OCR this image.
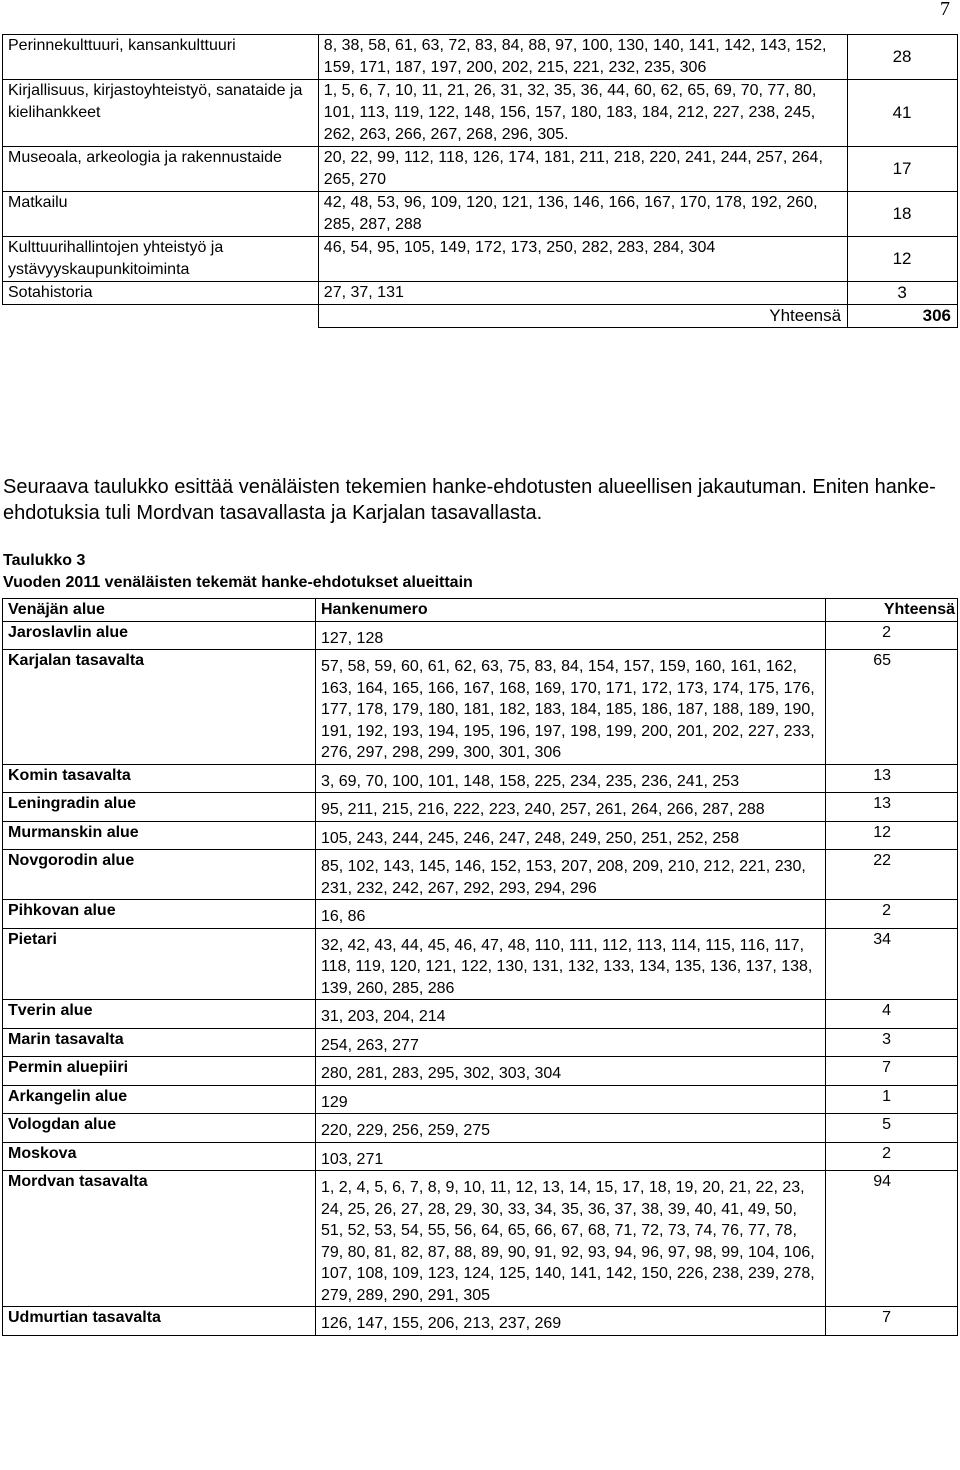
7
Perinnekulttuuri, kansankulttuuri	8, 38, 58, 61, 63, 72, 83, 84, 88, 97, 100, 130, 140, 141, 142, 143, 152, 159, 171, 187, 197, 200, 202, 215, 221, 232, 235, 306	28
Kirjallisuus, kirjastoyhteistyö, sanataide ja kielihankkeet	1, 5, 6, 7, 10, 11, 21, 26, 31, 32, 35, 36, 44, 60, 62, 65, 69, 70, 77, 80, 101, 113, 119, 122, 148, 156, 157, 180, 183, 184, 212, 227, 238, 245, 262, 263, 266, 267, 268, 296, 305.	41
Museoala, arkeologia ja rakennustaide	20, 22, 99, 112, 118, 126, 174, 181, 211, 218, 220, 241, 244, 257, 264, 265, 270	17
Matkailu	42, 48, 53, 96, 109, 120, 121, 136, 146, 166, 167, 170, 178, 192, 260, 285, 287, 288	18
Kulttuurihallintojen yhteistyö ja ystävyyskaupunkitoiminta	46, 54, 95, 105, 149, 172, 173, 250, 282, 283, 284, 304	12
Sotahistoria	27, 37, 131	3
	Yhteensä	306

Seuraava taulukko esittää venäläisten tekemien hanke-ehdotusten alueellisen jakautuman. Eniten hanke-ehdotuksia tuli Mordvan tasavallasta ja Karjalan tasavallasta.

Taulukko 3

Vuoden 2011 venäläisten tekemät hanke-ehdotukset alueittain

Venäjän alue	Hankenumero	Yhteensä
Jaroslavlin alue	127, 128	2
Karjalan tasavalta	57, 58, 59, 60, 61, 62, 63, 75, 83, 84, 154, 157, 159, 160, 161, 162, 163, 164, 165, 166, 167, 168, 169, 170, 171, 172, 173, 174, 175, 176, 177, 178, 179, 180, 181, 182, 183, 184, 185, 186, 187, 188, 189, 190, 191, 192, 193, 194, 195, 196, 197, 198, 199, 200, 201, 202, 227, 233, 276, 297, 298, 299, 300, 301, 306	65
Komin tasavalta	3, 69, 70, 100, 101, 148, 158, 225, 234, 235, 236, 241, 253	13
Leningradin alue	95, 211, 215, 216, 222, 223, 240, 257, 261, 264, 266, 287, 288	13
Murmanskin alue	105, 243, 244, 245, 246, 247, 248, 249, 250, 251, 252, 258	12
Novgorodin alue	85, 102, 143, 145, 146, 152, 153, 207, 208, 209, 210, 212, 221, 230, 231, 232, 242, 267, 292, 293, 294, 296	22
Pihkovan alue	16, 86	2
Pietari	32, 42, 43, 44, 45, 46, 47, 48, 110, 111, 112, 113, 114, 115, 116, 117, 118, 119, 120, 121, 122, 130, 131, 132, 133, 134, 135, 136, 137, 138, 139, 260, 285, 286	34
Tverin alue	31, 203, 204, 214	4
Marin tasavalta	254, 263, 277	3
Permin aluepiiri	280, 281, 283, 295, 302, 303, 304	7
Arkangelin alue	129	1
Vologdan alue	220, 229, 256, 259, 275	5
Moskova	103, 271	2
Mordvan tasavalta	1, 2, 4, 5, 6, 7, 8, 9, 10, 11, 12, 13, 14, 15, 17, 18, 19, 20, 21, 22, 23, 24, 25, 26, 27, 28, 29, 30, 33, 34, 35, 36, 37, 38, 39, 40, 41, 49, 50, 51, 52, 53, 54, 55, 56, 64, 65, 66, 67, 68, 71, 72, 73, 74, 76, 77, 78, 79, 80, 81, 82, 87, 88, 89, 90, 91, 92, 93, 94, 96, 97, 98, 99, 104, 106, 107, 108, 109, 123, 124, 125, 140, 141, 142, 150, 226, 238, 239, 278, 279, 289, 290, 291, 305	94
Udmurtian tasavalta	126, 147, 155, 206, 213, 237, 269	7
